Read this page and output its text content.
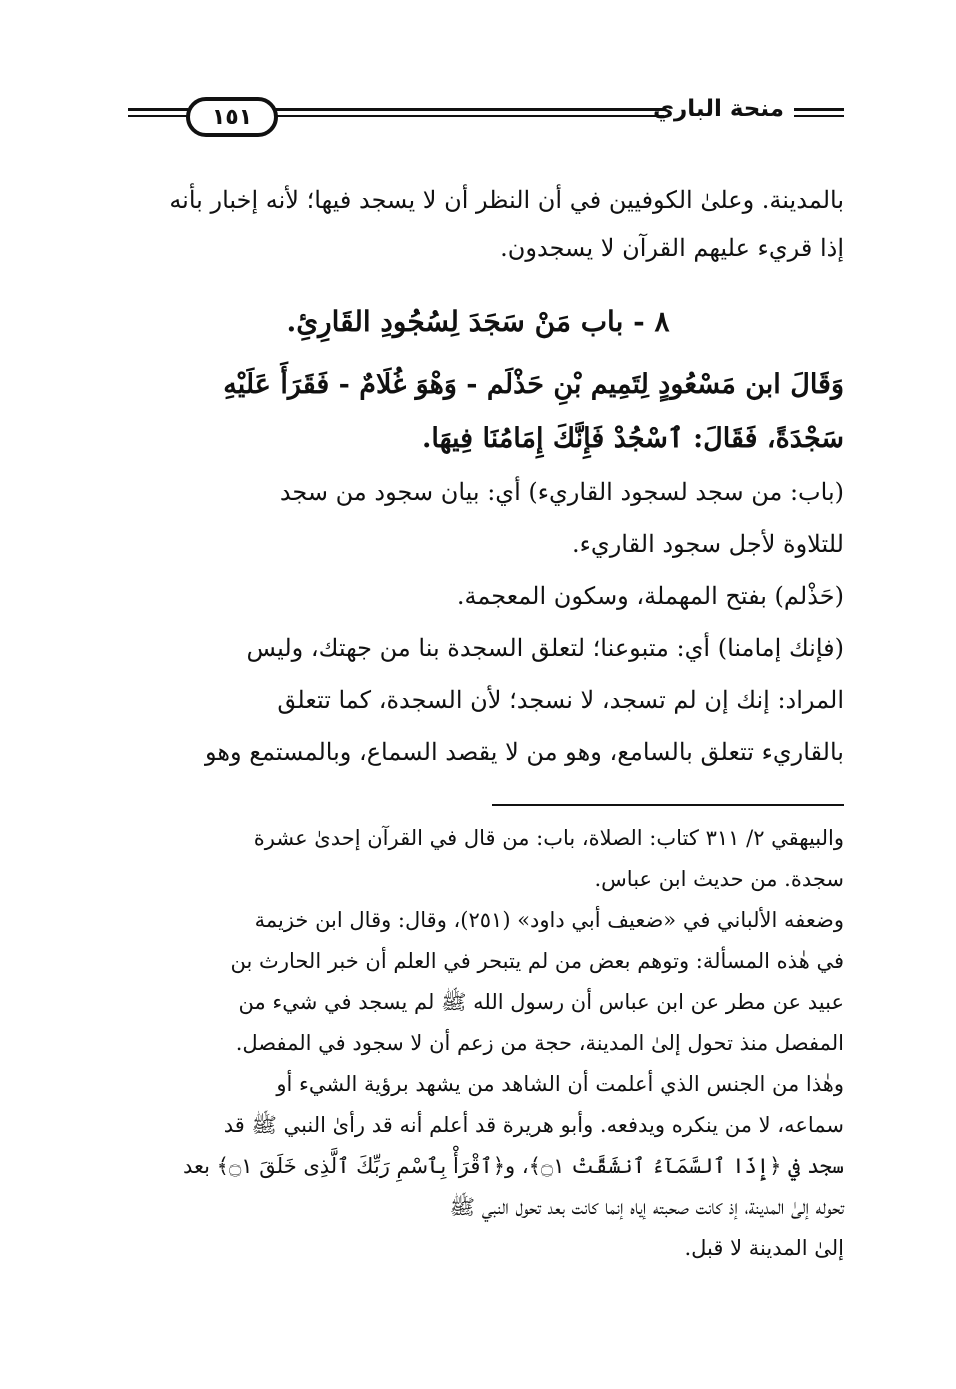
منحة الباري
١٥١
بالمدينة. وعلىٰ الكوفيين في أن النظر أن لا يسجد فيها؛ لأنه إخبار بأنه
إذا قريء عليهم القرآن لا يسجدون.
٨ - باب مَنْ سَجَدَ لِسُجُودِ القَارِئِ.
وَقَالَ ابن مَسْعُودٍ لِتَمِيم بْنِ حَذْلَم - وَهْوَ غُلَامٌ - فَقَرَأَ عَلَيْهِ
سَجْدَةً، فَقَالَ: ٱسْجُدْ فَإِنَّكَ إِمَامُنَا فِيهَا.
(باب: من سجد لسجود القاريء) أي: بيان سجود من سجد
للتلاوة لأجل سجود القاريء.
(حَذْلم) بفتح المهملة، وسكون المعجمة.
(فإنك إمامنا) أي: متبوعنا؛ لتعلق السجدة بنا من جهتك، وليس
المراد: إنك إن لم تسجد، لا نسجد؛ لأن السجدة، كما تتعلق
بالقاريء تتعلق بالسامع، وهو من لا يقصد السماع، وبالمستمع وهو
والبيهقي ٢/ ٣١١ كتاب: الصلاة، باب: من قال في القرآن إحدىٰ عشرة
سجدة. من حديث ابن عباس.
وضعفه الألباني في «ضعيف أبي داود» (٢٥١)، وقال: وقال ابن خزيمة
في هٰذه المسألة: وتوهم بعض من لم يتبحر في العلم أن خبر الحارث بن
عبيد عن مطر عن ابن عباس أن رسول الله ﷺ لم يسجد في شيء من
المفصل منذ تحول إلىٰ المدينة، حجة من زعم أن لا سجود في المفصل.
وهٰذا من الجنس الذي أعلمت أن الشاهد من يشهد برؤية الشيء أو
سماعه، لا من ينكره ويدفعه. وأبو هريرة قد أعلم أنه قد رأىٰ النبي ﷺ قد
سجد في ﴿إِذَا ٱلسَّمَآءُ ٱنشَقَّتْ ۝١﴾، و﴿ٱقْرَأْ بِٱسْمِ رَبِّكَ ٱلَّذِى خَلَقَ ۝١﴾ بعد
تحوله إلىٰ المدينة، إذ كانت صحبته إياه إنما كانت بعد تحول النبي ﷺ
إلىٰ المدينة لا قبل.
